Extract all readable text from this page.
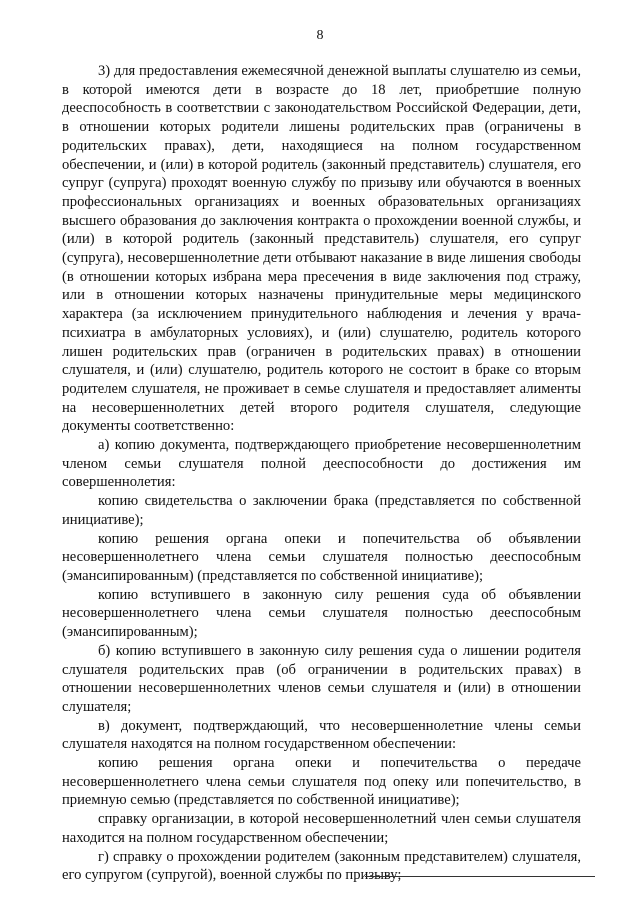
8

3) для предоставления ежемесячной денежной выплаты слушателю из семьи, в которой имеются дети в возрасте до 18 лет, приобретшие полную дееспособность в соответствии с законодательством Российской Федерации, дети, в отношении которых родители лишены родительских прав (ограничены в родительских правах), дети, находящиеся на полном государственном обеспечении, и (или) в которой родитель (законный представитель) слушателя, его супруг (супруга) проходят военную службу по призыву или обучаются в военных профессиональных организациях и военных образовательных организациях высшего образования до заключения контракта о прохождении военной службы, и (или) в которой родитель (законный представитель) слушателя, его супруг (супруга), несовершеннолетние дети отбывают наказание в виде лишения свободы (в отношении которых избрана мера пресечения в виде заключения под стражу, или в отношении которых назначены принудительные меры медицинского характера (за исключением принудительного наблюдения и лечения у врача-психиатра в амбулаторных условиях), и (или) слушателю, родитель которого лишен родительских прав (ограничен в родительских правах) в отношении слушателя, и (или) слушателю, родитель которого не состоит в браке со вторым родителем слушателя, не проживает в семье слушателя и предоставляет алименты на несовершеннолетних детей второго родителя слушателя, следующие документы соответственно:

а) копию документа, подтверждающего приобретение несовершеннолетним членом семьи слушателя полной дееспособности до достижения им совершеннолетия:

копию свидетельства о заключении брака (представляется по собственной инициативе);

копию решения органа опеки и попечительства об объявлении несовершеннолетнего члена семьи слушателя полностью дееспособным (эмансипированным) (представляется по собственной инициативе);

копию вступившего в законную силу решения суда об объявлении несовершеннолетнего члена семьи слушателя полностью дееспособным (эмансипированным);

б) копию вступившего в законную силу решения суда о лишении родителя слушателя родительских прав (об ограничении в родительских правах) в отношении несовершеннолетних членов семьи слушателя и (или) в отношении слушателя;

в) документ, подтверждающий, что несовершеннолетние члены семьи слушателя находятся на полном государственном обеспечении:

копию решения органа опеки и попечительства о передаче несовершеннолетнего члена семьи слушателя под опеку или попечительство, в приемную семью (представляется по собственной инициативе);

справку организации, в которой несовершеннолетний член семьи слушателя находится на полном государственном обеспечении;

г) справку о прохождении родителем (законным представителем) слушателя, его супругом (супругой), военной службы по призыву;
